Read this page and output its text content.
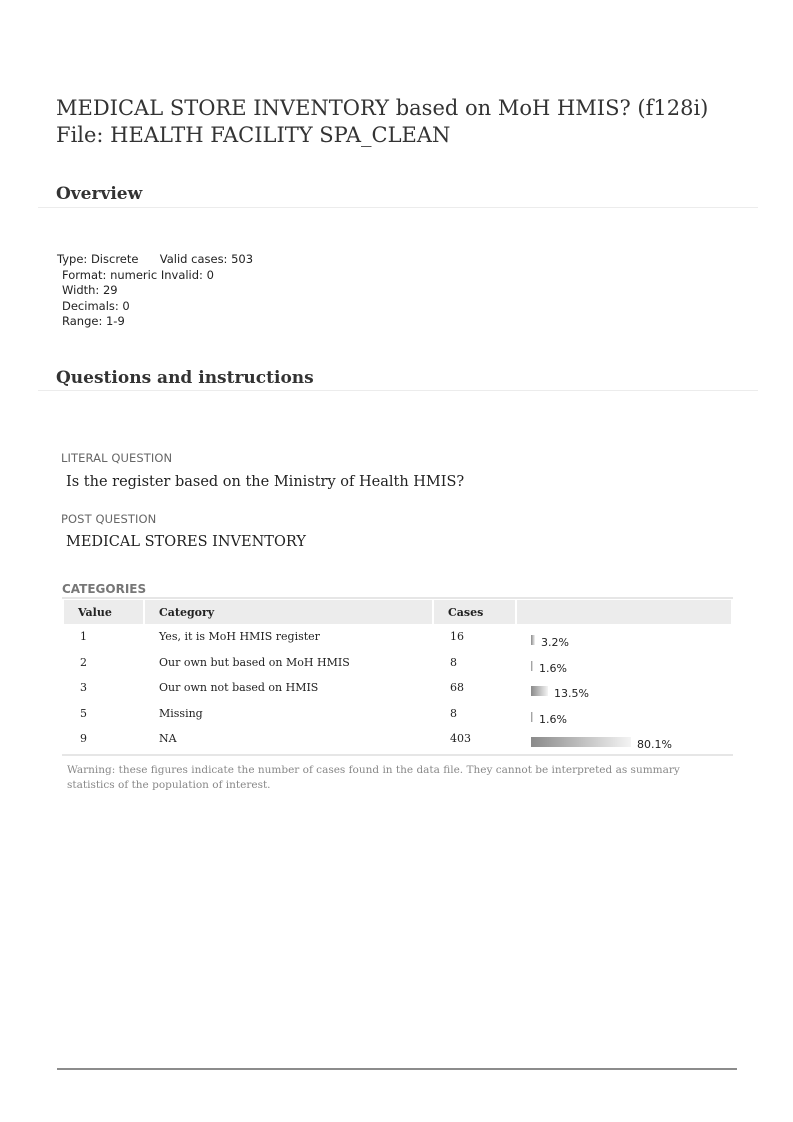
MEDICAL STORE INVENTORY based on MoH HMIS? (f128i)
File: HEALTH FACILITY SPA_CLEAN
Overview
Type: Discrete Valid cases: 503
Format: numeric Invalid: 0
Width: 29
Decimals: 0
Range: 1-9
Questions and instructions
LITERAL QUESTION
Is the register based on the Ministry of Health HMIS?
POST QUESTION
MEDICAL STORES INVENTORY
CATEGORIES
Value	Category	Cases	
1	Yes, it is MoH HMIS register	16	3.2%

2	Our own but based on MoH HMIS	8	1.6%

3	Our own not based on HMIS	68	13.5%

5	Missing	8	1.6%

9	NA	403	80.1%
Warning: these figures indicate the number of cases found in the data file. They cannot be interpreted as summary statistics of the population of interest.
